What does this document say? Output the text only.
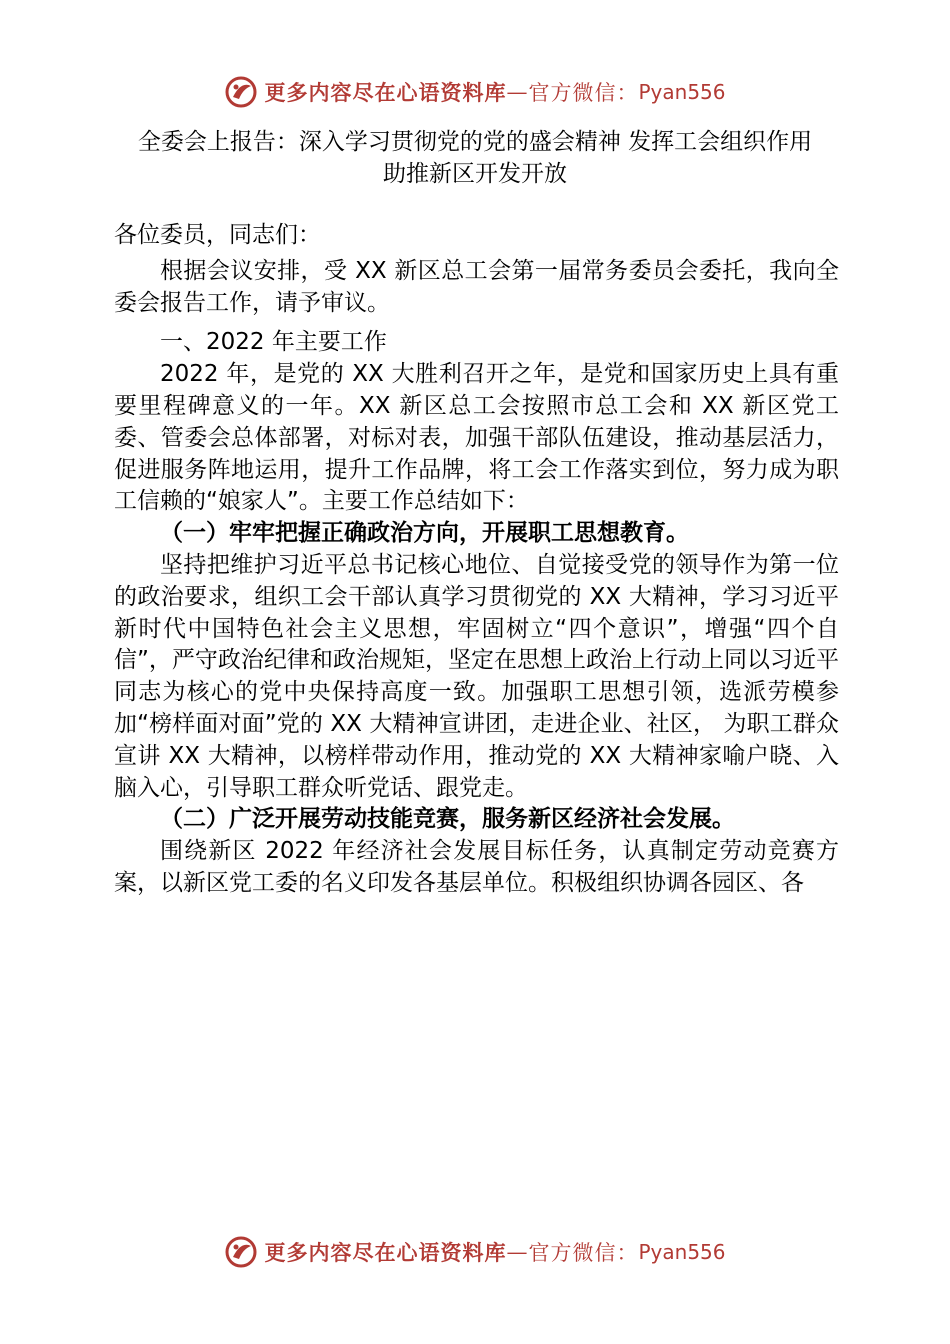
更多内容尽在心语资料库 — 官方微信： Pyan556
全委会上报告：深入学习贯彻党的党的盛会精神 发挥工会组织作用
助推新区开发开放

各位委员，同志们：

根据会议安排，受 XX 新区总工会第一届常务委员会委托，我向全委会报告工作，请予审议。

一、2022 年主要工作

2022 年，是党的 XX 大胜利召开之年，是党和国家历史上具有重要里程碑意义的一年。XX 新区总工会按照市总工会和 XX 新区党工委、管委会总体部署，对标对表，加强干部队伍建设，推动基层活力，促进服务阵地运用，提升工作品牌，将工会工作落实到位，努力成为职工信赖的“娘家人”。主要工作总结如下：

（一）牢牢把握正确政治方向，开展职工思想教育。

坚持把维护习近平总书记核心地位、自觉接受党的领导作为第一位的政治要求，组织工会干部认真学习贯彻党的 XX 大精神，学习习近平新时代中国特色社会主义思想，牢固树立“四个意识”，增强“四个自信”，严守政治纪律和政治规矩，坚定在思想上政治上行动上同以习近平同志为核心的党中央保持高度一致。加强职工思想引领，选派劳模参加“榜样面对面”党的 XX 大精神宣讲团，走进企业、社区， 为职工群众宣讲 XX 大精神，以榜样带动作用，推动党的 XX 大精神家喻户晓、入脑入心，引导职工群众听党话、跟党走。

（二）广泛开展劳动技能竞赛，服务新区经济社会发展。

围绕新区 2022 年经济社会发展目标任务，认真制定劳动竞赛方案，以新区党工委的名义印发各基层单位。积极组织协调各园区、各

更多内容尽在心语资料库 — 官方微信： Pyan556
